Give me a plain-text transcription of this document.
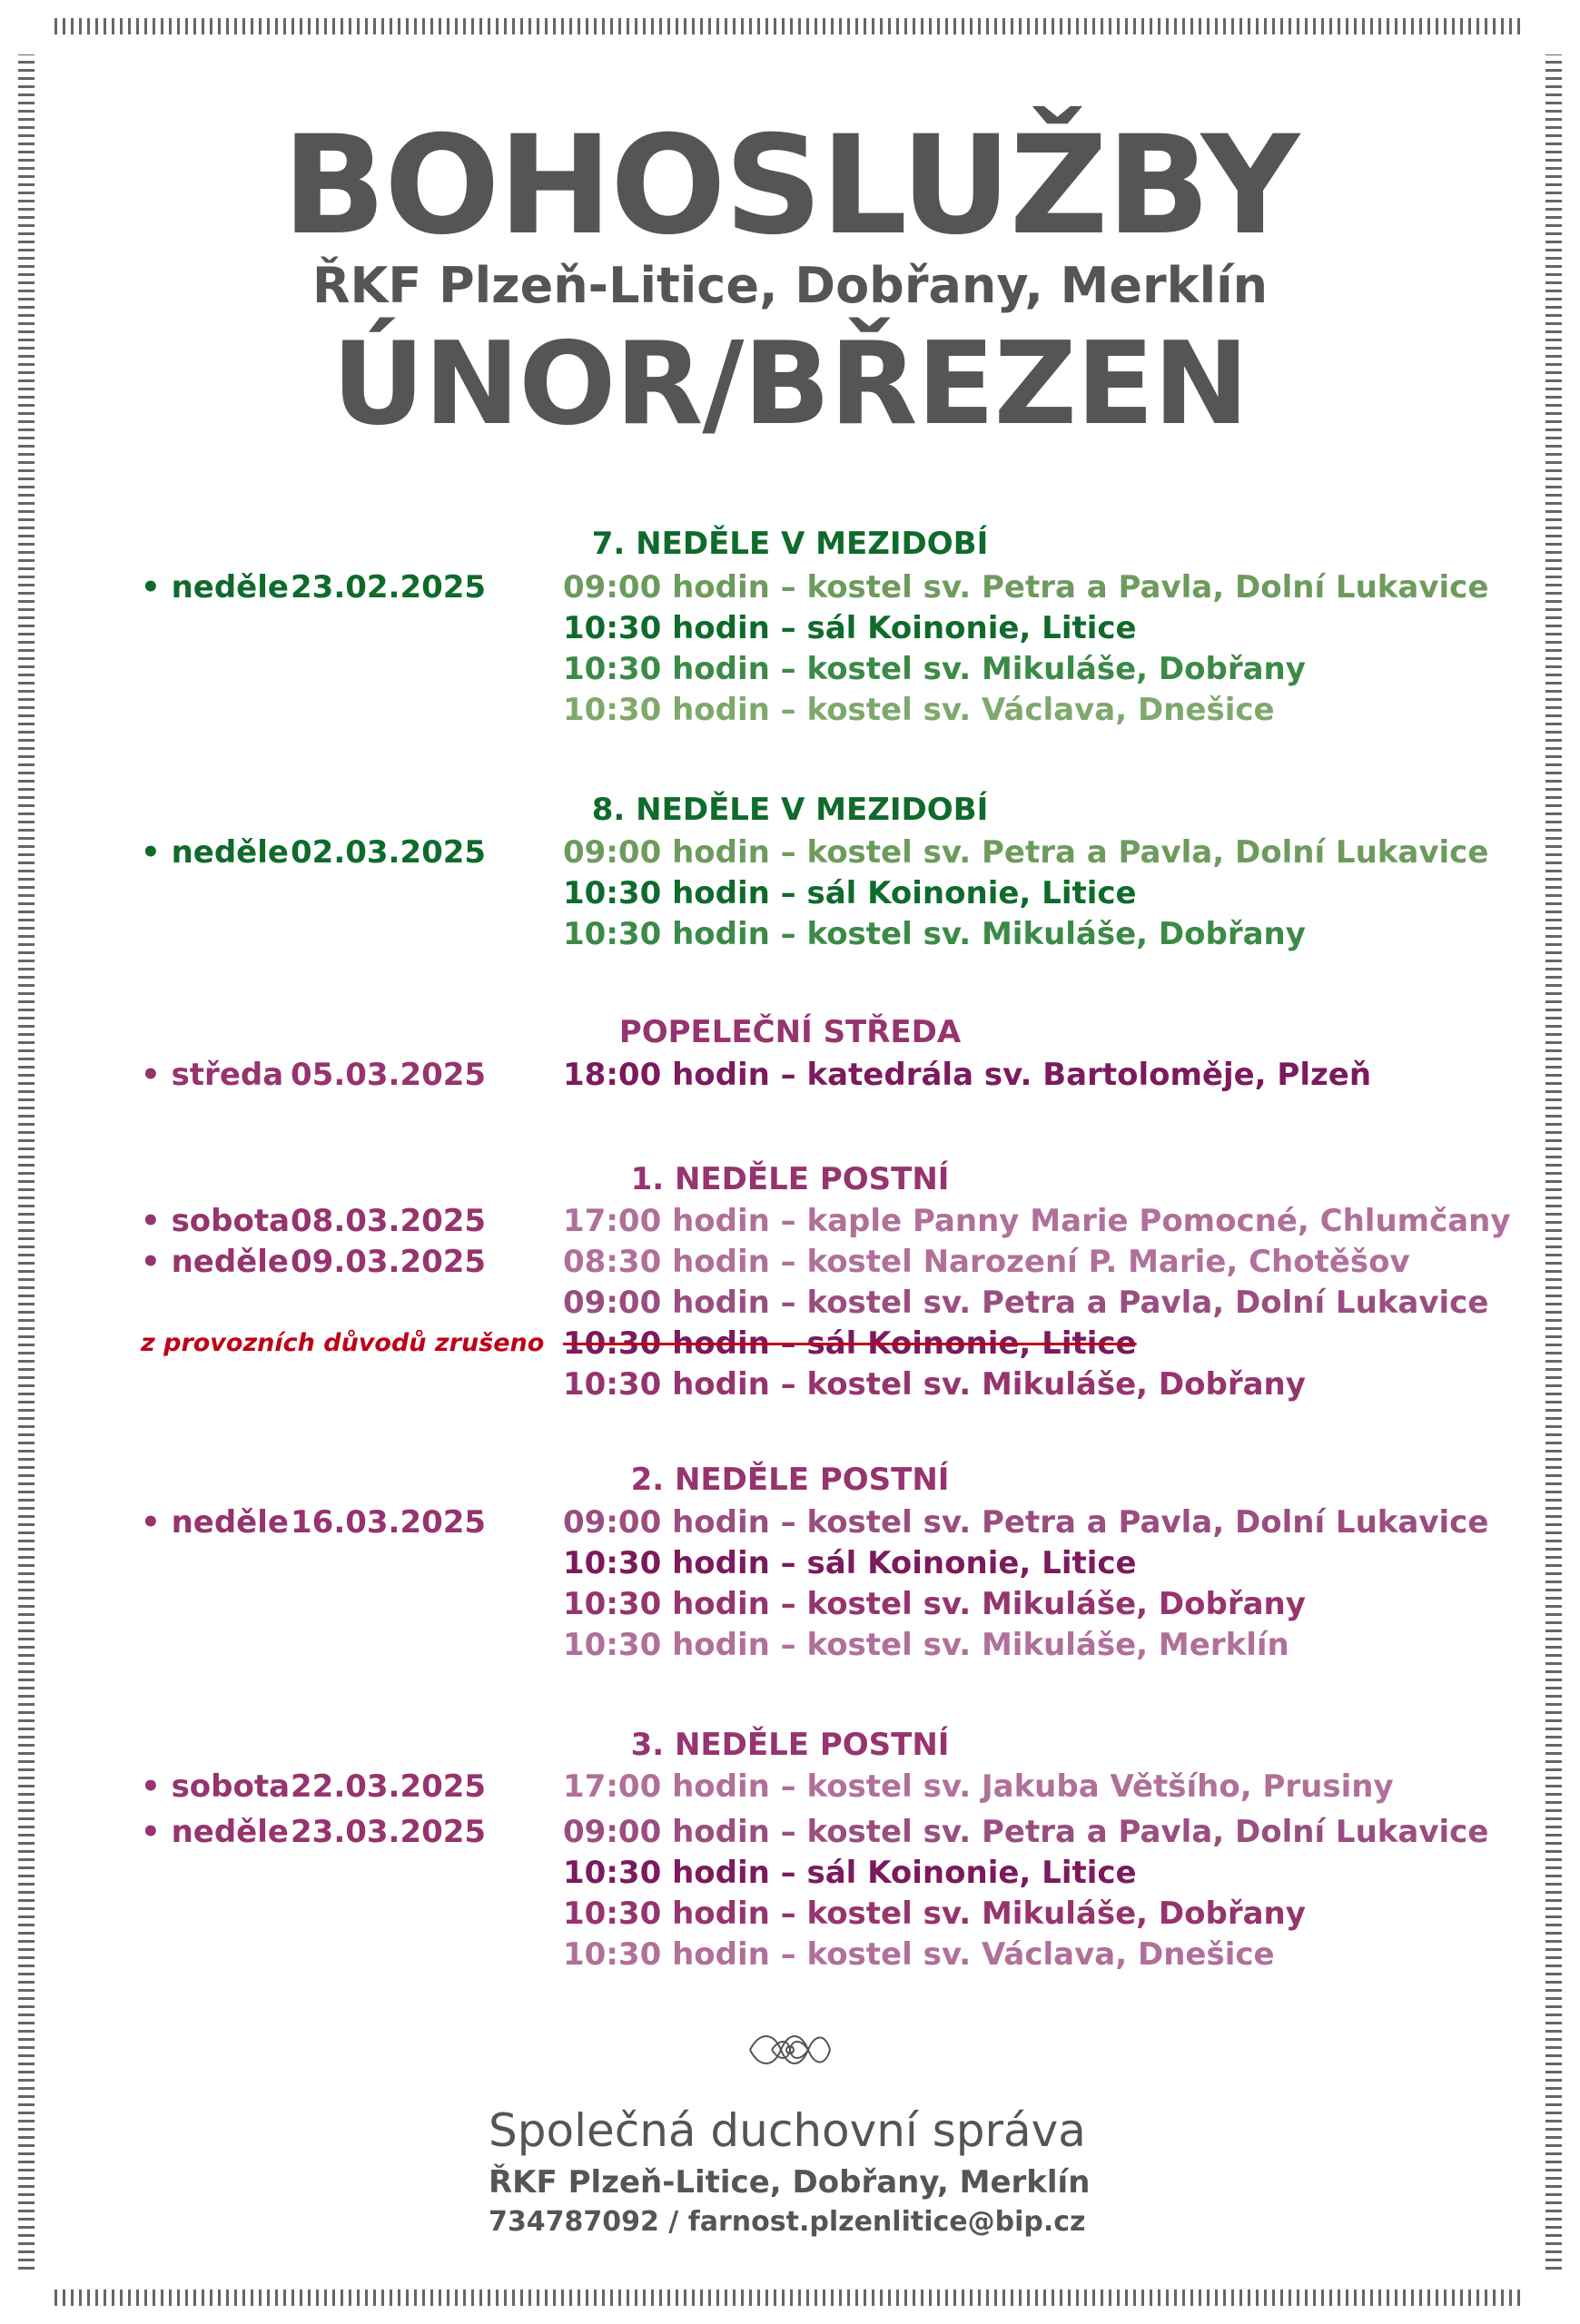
BOHOSLUŽBY
ŘKF Plzeň-Litice, Dobřany, Merklín
ÚNOR/BŘEZEN
7. NEDĚLE V MEZIDOBÍ
• neděle 23.02.2025 09:00 hodin – kostel sv. Petra a Pavla, Dolní Lukavice
10:30 hodin – sál Koinonie, Litice
10:30 hodin – kostel sv. Mikuláše, Dobřany
10:30 hodin – kostel sv. Václava, Dnešice
8. NEDĚLE V MEZIDOBÍ
• neděle 02.03.2025 09:00 hodin – kostel sv. Petra a Pavla, Dolní Lukavice
10:30 hodin – sál Koinonie, Litice
10:30 hodin – kostel sv. Mikuláše, Dobřany
POPELEČNÍ STŘEDA
• středa 05.03.2025 18:00 hodin – katedrála sv. Bartoloměje, Plzeň
1. NEDĚLE POSTNÍ
• sobota 08.03.2025 17:00 hodin – kaple Panny Marie Pomocné, Chlumčany
• neděle 09.03.2025 08:30 hodin – kostel Narození P. Marie, Chotěšov
09:00 hodin – kostel sv. Petra a Pavla, Dolní Lukavice
z provozních důvodů zrušeno 10:30 hodin – sál Koinonie, Litice
10:30 hodin – kostel sv. Mikuláše, Dobřany
2. NEDĚLE POSTNÍ
• neděle 16.03.2025 09:00 hodin – kostel sv. Petra a Pavla, Dolní Lukavice
10:30 hodin – sál Koinonie, Litice
10:30 hodin – kostel sv. Mikuláše, Dobřany
10:30 hodin – kostel sv. Mikuláše, Merklín
3. NEDĚLE POSTNÍ
• sobota 22.03.2025 17:00 hodin – kostel sv. Jakuba Většího, Prusiny
• neděle 23.03.2025 09:00 hodin – kostel sv. Petra a Pavla, Dolní Lukavice
10:30 hodin – sál Koinonie, Litice
10:30 hodin – kostel sv. Mikuláše, Dobřany
10:30 hodin – kostel sv. Václava, Dnešice
Společná duchovní správa
ŘKF Plzeň-Litice, Dobřany, Merklín
734787092 / farnost.plzenlitice@bip.cz
